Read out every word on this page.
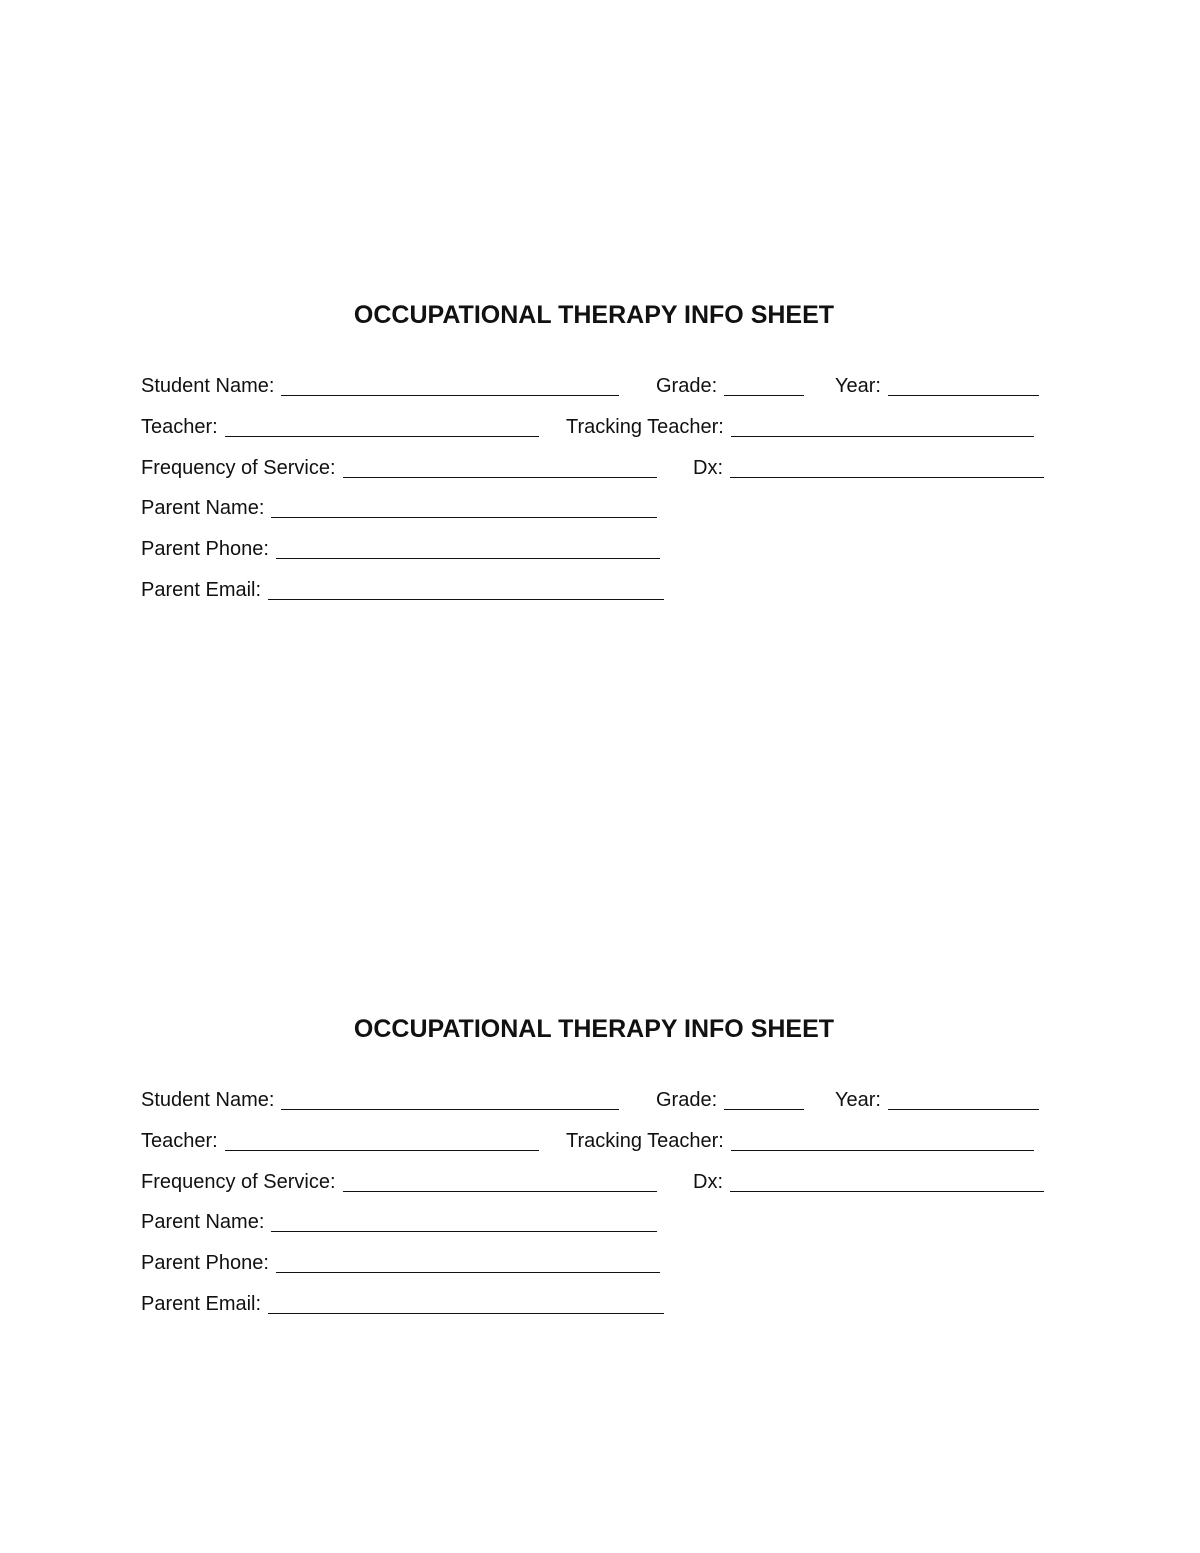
OCCUPATIONAL THERAPY INFO SHEET
Student Name:	Grade:	Year:
Teacher:	Tracking Teacher:
Frequency of Service:	Dx:
Parent Name:
Parent Phone:
Parent Email:
OCCUPATIONAL THERAPY INFO SHEET
Student Name:	Grade:	Year:
Teacher:	Tracking Teacher:
Frequency of Service:	Dx:
Parent Name:
Parent Phone:
Parent Email:
